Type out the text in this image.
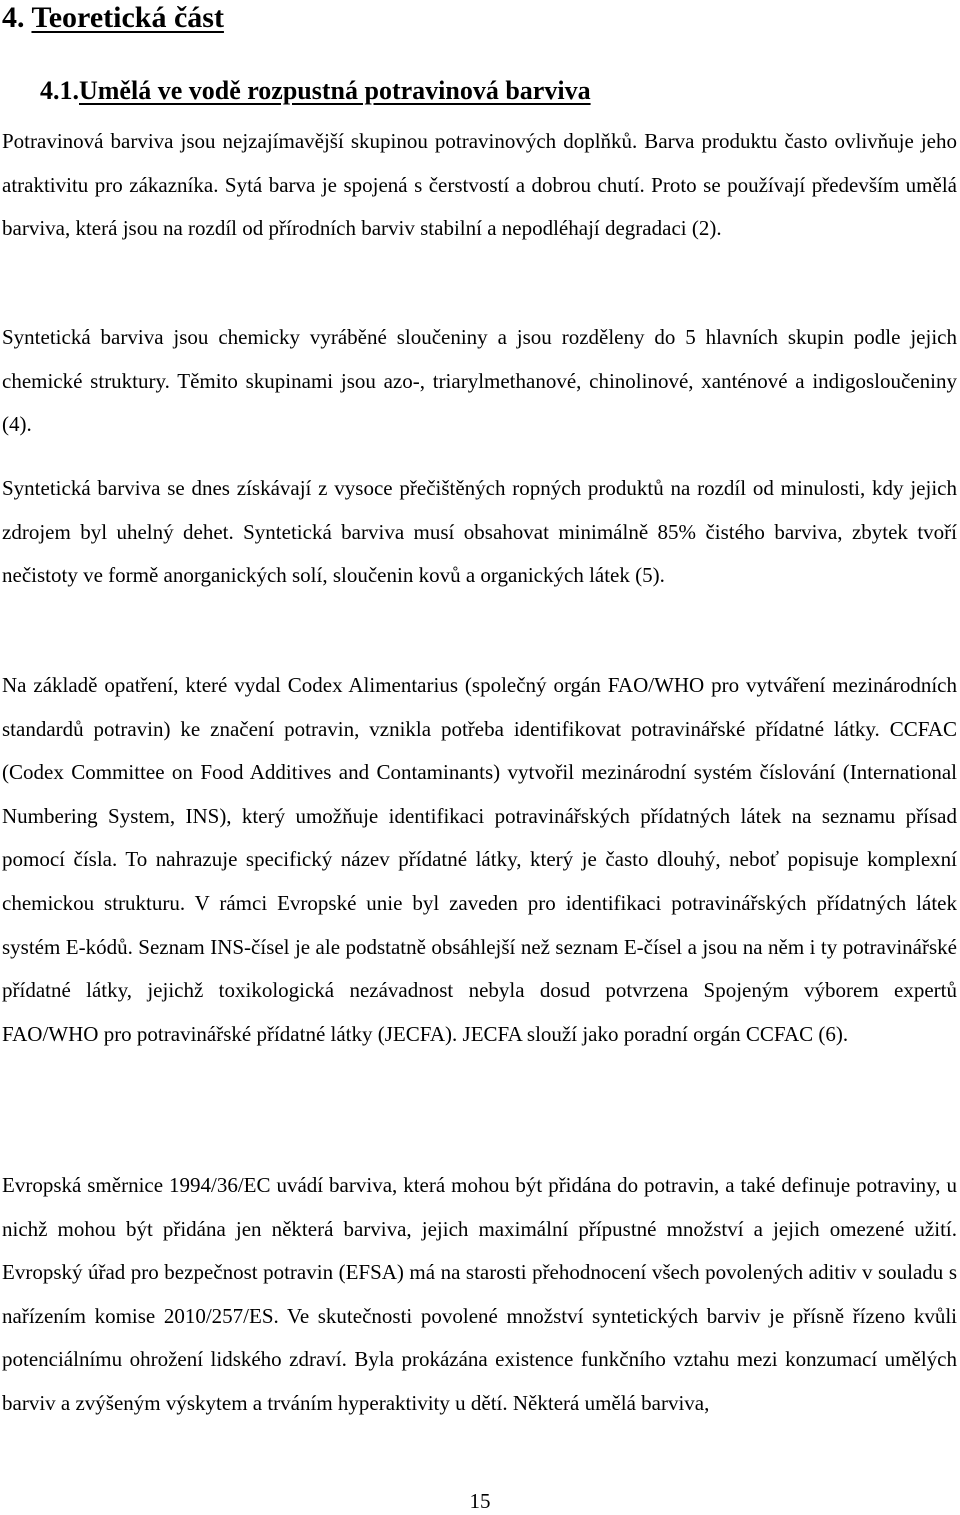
4. Teoretická část
4.1.Umělá ve vodě rozpustná potravinová barviva

Potravinová barviva jsou nejzajímavější skupinou potravinových doplňků. Barva produktu často ovlivňuje jeho atraktivitu pro zákazníka. Sytá barva je spojená s čerstvostí a dobrou chutí. Proto se používají především umělá barviva, která jsou na rozdíl od přírodních barviv stabilní a nepodléhají degradaci (2).

Syntetická barviva jsou chemicky vyráběné sloučeniny a jsou rozděleny do 5 hlavních skupin podle jejich chemické struktury. Těmito skupinami jsou azo-, triarylmethanové, chinolinové, xanténové a indigosloučeniny (4).

Syntetická barviva se dnes získávají z vysoce přečištěných ropných produktů na rozdíl od minulosti, kdy jejich zdrojem byl uhelný dehet. Syntetická barviva musí obsahovat minimálně 85% čistého barviva, zbytek tvoří nečistoty ve formě anorganických solí, sloučenin kovů a organických látek (5).

Na základě opatření, které vydal Codex Alimentarius (společný orgán FAO/WHO pro vytváření mezinárodních standardů potravin) ke značení potravin, vznikla potřeba identifikovat potravinářské přídatné látky. CCFAC (Codex Committee on Food Additives and Contaminants) vytvořil mezinárodní systém číslování (International Numbering System, INS), který umožňuje identifikaci potravinářských přídatných látek na seznamu přísad pomocí čísla. To nahrazuje specifický název přídatné látky, který je často dlouhý, neboť popisuje komplexní chemickou strukturu. V rámci Evropské unie byl zaveden pro identifikaci potravinářských přídatných látek systém E-kódů. Seznam INS-čísel je ale podstatně obsáhlejší než seznam E-čísel a jsou na něm i ty potravinářské přídatné látky, jejichž toxikologická nezávadnost nebyla dosud potvrzena Spojeným výborem expertů FAO/WHO pro potravinářské přídatné látky (JECFA). JECFA slouží jako poradní orgán CCFAC (6).

Evropská směrnice 1994/36/EC uvádí barviva, která mohou být přidána do potravin, a také definuje potraviny, u nichž mohou být přidána jen některá barviva, jejich maximální přípustné množství a jejich omezené užití. Evropský úřad pro bezpečnost potravin (EFSA) má na starosti přehodnocení všech povolených aditiv v souladu s nařízením komise 2010/257/ES. Ve skutečnosti povolené množství syntetických barviv je přísně řízeno kvůli potenciálnímu ohrožení lidského zdraví. Byla prokázána existence funkčního vztahu mezi konzumací umělých barviv a zvýšeným výskytem a trváním hyperaktivity u dětí. Některá umělá barviva,

15
